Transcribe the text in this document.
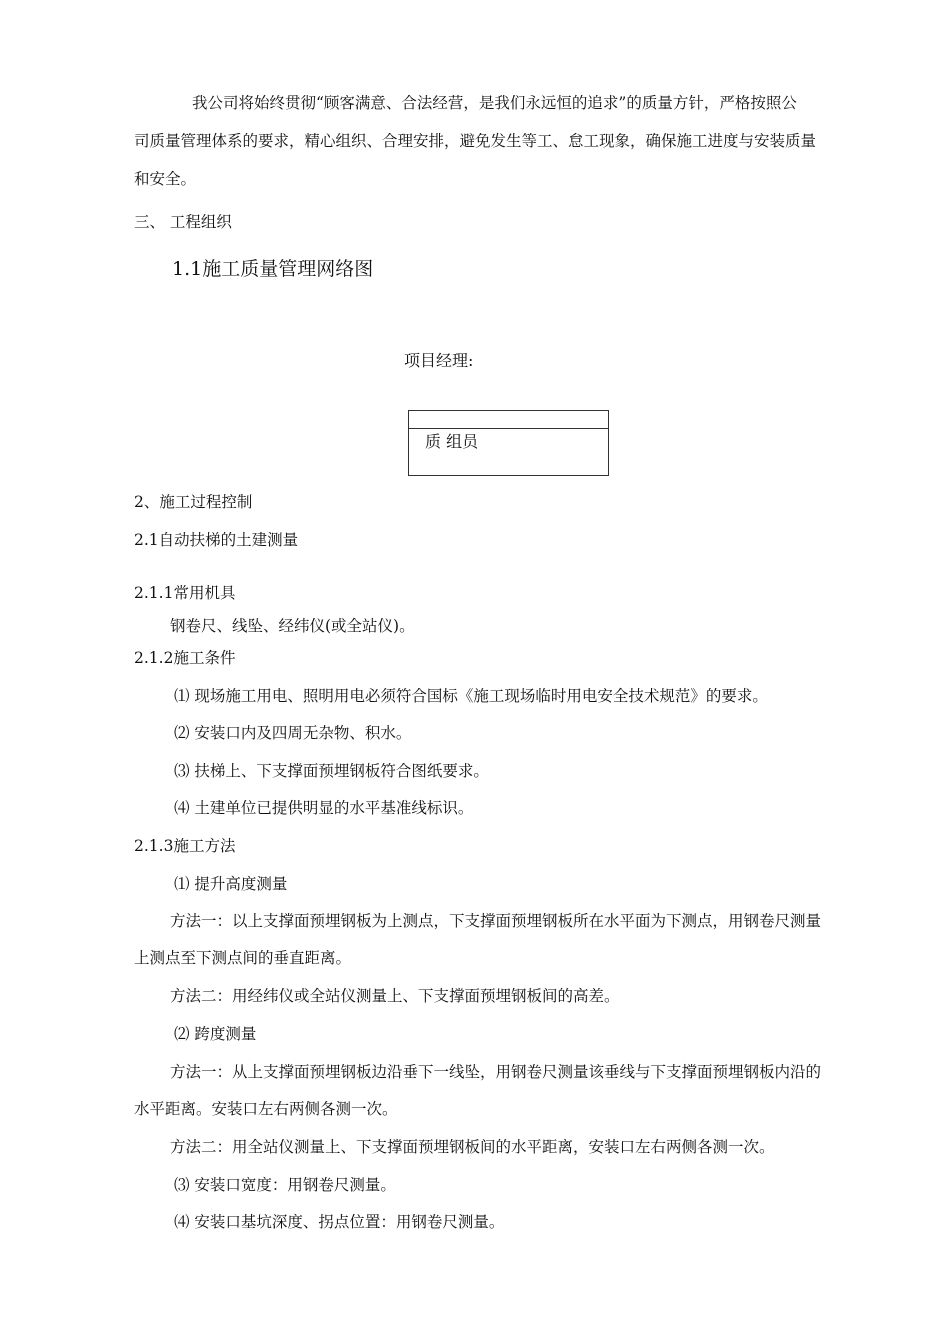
我公司将始终贯彻“顾客满意、合法经营，是我们永远恒的追求”的质量方针，严格按照公
司质量管理体系的要求，精心组织、合理安排，避免发生等工、怠工现象，确保施工进度与安装质量
和安全。
三、 工程组织
1.1施工质量管理网络图
项目经理:
质 组员
2、施工过程控制
2.1自动扶梯的土建测量
2.1.1常用机具
钢卷尺、线坠、经纬仪(或全站仪)。
2.1.2施工条件
⑴ 现场施工用电、照明用电必须符合国标《施工现场临时用电安全技术规范》的要求。
⑵ 安装口内及四周无杂物、积水。
⑶ 扶梯上、下支撑面预埋钢板符合图纸要求。
⑷ 土建单位已提供明显的水平基准线标识。
2.1.3施工方法
⑴ 提升高度测量
方法一：以上支撑面预埋钢板为上测点，下支撑面预埋钢板所在水平面为下测点，用钢卷尺测量
上测点至下测点间的垂直距离。
方法二：用经纬仪或全站仪测量上、下支撑面预埋钢板间的高差。
⑵ 跨度测量
方法一：从上支撑面预埋钢板边沿垂下一线坠，用钢卷尺测量该垂线与下支撑面预埋钢板内沿的
水平距离。安装口左右两侧各测一次。
方法二：用全站仪测量上、下支撑面预埋钢板间的水平距离，安装口左右两侧各测一次。
⑶ 安装口宽度：用钢卷尺测量。
⑷ 安装口基坑深度、拐点位置：用钢卷尺测量。
